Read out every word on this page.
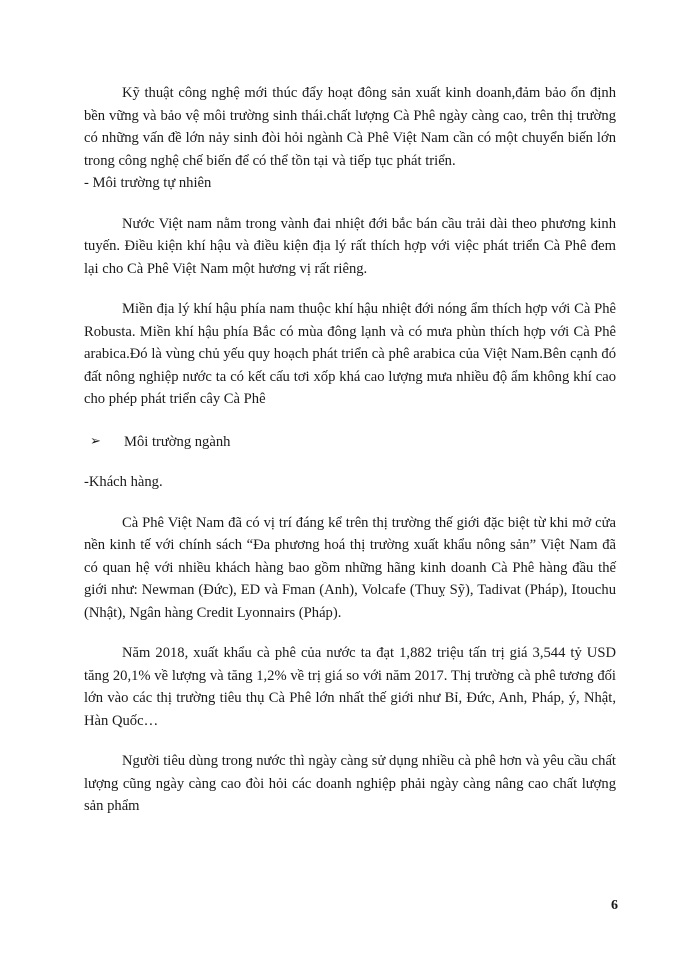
Kỹ thuật công nghệ mới thúc đẩy hoạt đông sản xuất kinh doanh,đảm bảo ổn định bền vững và bảo vệ môi trường sinh thái.chất lượng Cà Phê ngày càng cao, trên thị trường có những vấn đề lớn nảy sinh đòi hỏi ngành Cà Phê Việt Nam cần có một chuyển biến lớn trong công nghệ chế biến để có thể tồn tại và tiếp tục phát triển.

- Môi trường tự nhiên

Nước Việt nam nằm trong vành đai nhiệt đới bắc bán cầu trải dài theo phương kinh tuyến. Điều kiện khí hậu và điều kiện địa lý rất thích hợp với việc phát triển Cà Phê đem lại cho Cà Phê Việt Nam một hương vị rất riêng.

Miền địa lý khí hậu phía nam thuộc khí hậu nhiệt đới nóng ẩm thích hợp với Cà Phê Robusta. Miền khí hậu phía Bắc có mùa đông lạnh và có mưa phùn thích hợp với Cà Phê arabica.Đó là vùng chủ yếu quy hoạch phát triển cà phê arabica của Việt Nam.Bên cạnh đó đất nông nghiệp nước ta có kết cấu tơi xốp khá cao lượng mưa nhiều độ ẩm không khí cao cho phép phát triển cây Cà Phê

➢	Môi trường ngành

-Khách hàng.

Cà Phê Việt Nam đã có vị trí đáng kể trên thị trường thế giới đặc biệt từ khi mở cửa nền kinh tế với chính sách “Đa phương hoá thị trường xuất khẩu nông sản” Việt Nam đã có quan hệ với nhiều khách hàng bao gồm những hãng kinh doanh Cà Phê hàng đầu thế giới như: Newman (Đức), ED và Fman (Anh), Volcafe (Thuỵ Sỹ), Tadivat (Pháp), Itouchu (Nhật), Ngân hàng Credit Lyonnairs (Pháp).

Năm 2018, xuất khẩu cà phê của nước ta đạt 1,882 triệu tấn trị giá 3,544 tỷ USD tăng 20,1% về lượng và tăng 1,2% về trị giá so với năm 2017. Thị trường cà phê tương đối lớn vào các thị trường tiêu thụ Cà Phê lớn nhất thế giới như Bỉ, Đức, Anh, Pháp, ý, Nhật, Hàn Quốc…

Người tiêu dùng trong nước thì ngày càng sử dụng nhiều cà phê hơn và yêu cầu chất lượng cũng ngày càng cao đòi hỏi các doanh nghiệp phải ngày càng nâng cao chất lượng sản phẩm

6
